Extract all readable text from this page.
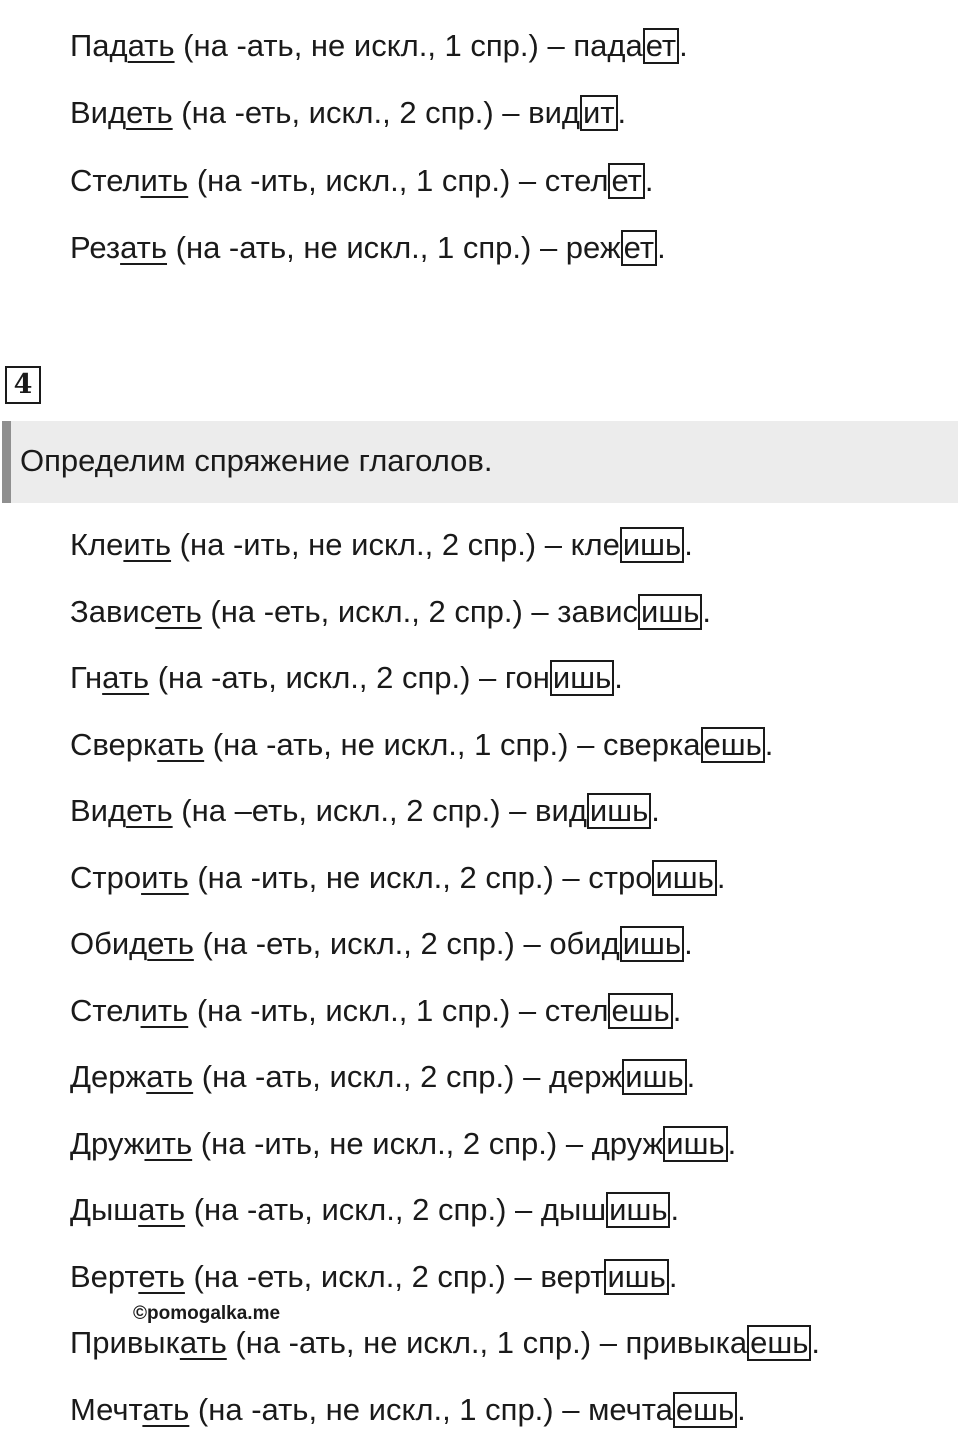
Падать (на -ать, не искл., 1 спр.) – падает.
Видеть (на -еть, искл., 2 спр.) – видит.
Стелить (на -ить, искл., 1 спр.) – стелет.
Резать (на -ать, не искл., 1 спр.) – режет.
4
Определим спряжение глаголов.
Клеить (на -ить, не искл., 2 спр.) – клеишь.
Зависеть (на -еть, искл., 2 спр.) – зависишь.
Гнать (на -ать, искл., 2 спр.) – гонишь.
Сверкать (на -ать, не искл., 1 спр.) – сверкаешь.
Видеть (на –еть, искл., 2 спр.) – видишь.
Строить (на -ить, не искл., 2 спр.) – строишь.
Обидеть (на -еть, искл., 2 спр.) – обидишь.
Стелить (на -ить, искл., 1 спр.) – стелешь.
Держать (на -ать, искл., 2 спр.) – держишь.
Дружить (на -ить, не искл., 2 спр.) – дружишь.
Дышать (на -ать, искл., 2 спр.) – дышишь.
Вертеть (на -еть, искл., 2 спр.) – вертишь.
Привыкать (на -ать, не искл., 1 спр.) – привыкаешь.
Мечтать (на -ать, не искл., 1 спр.) – мечтаешь.
©pomogalka.me
